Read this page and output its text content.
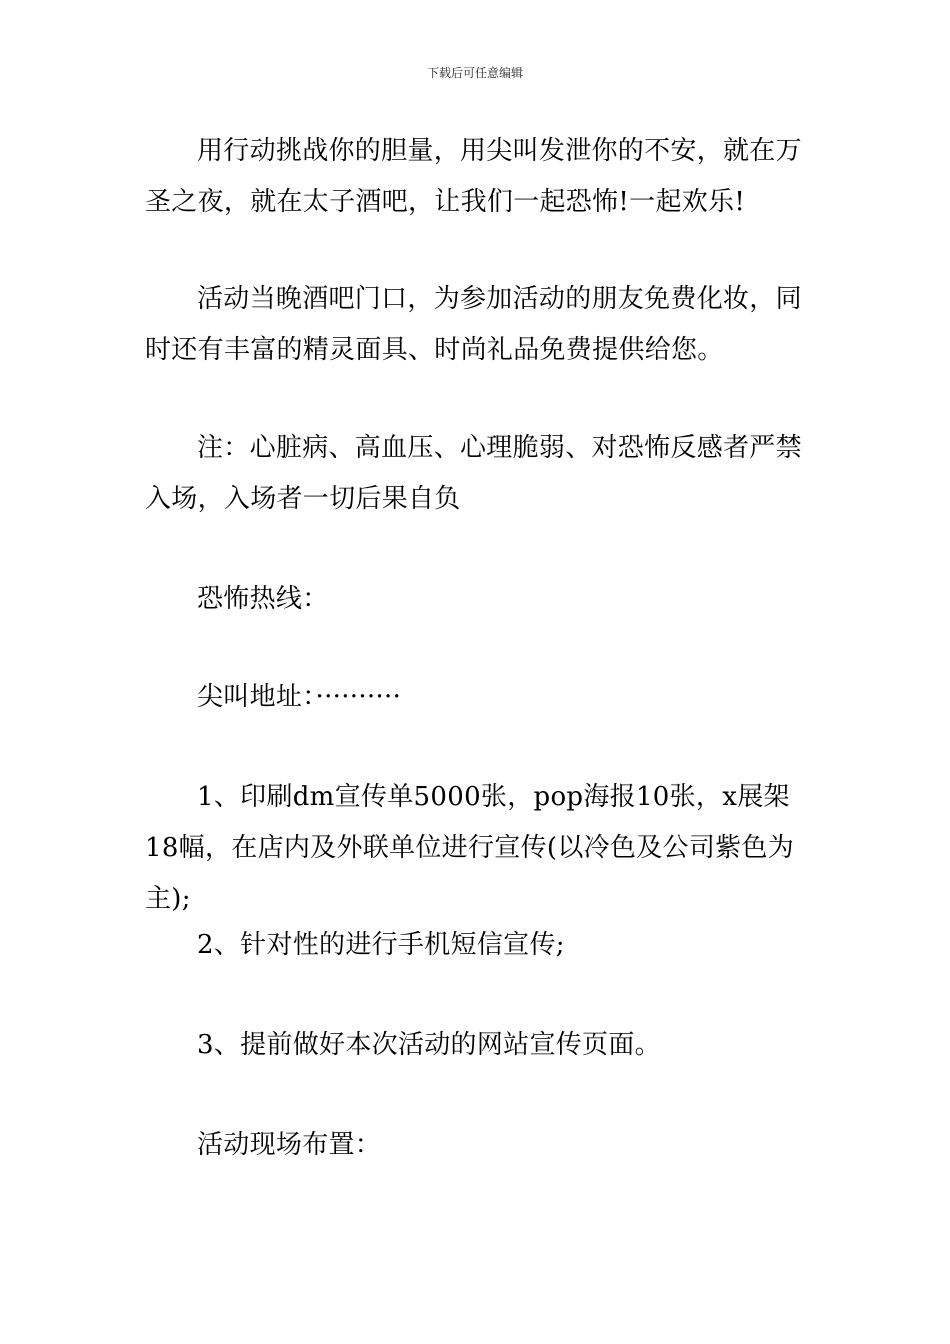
下载后可任意编辑

用行动挑战你的胆量，用尖叫发泄你的不安，就在万圣之夜，就在太子酒吧，让我们一起恐怖!一起欢乐!

活动当晚酒吧门口，为参加活动的朋友免费化妆，同时还有丰富的精灵面具、时尚礼品免费提供给您。

注：心脏病、高血压、心理脆弱、对恐怖反感者严禁入场，入场者一切后果自负

恐怖热线：

尖叫地址：··········

1、印刷dm宣传单5000张，pop海报10张，x展架18幅，在店内及外联单位进行宣传(以冷色及公司紫色为主);

2、针对性的进行手机短信宣传;

3、提前做好本次活动的网站宣传页面。

活动现场布置：
